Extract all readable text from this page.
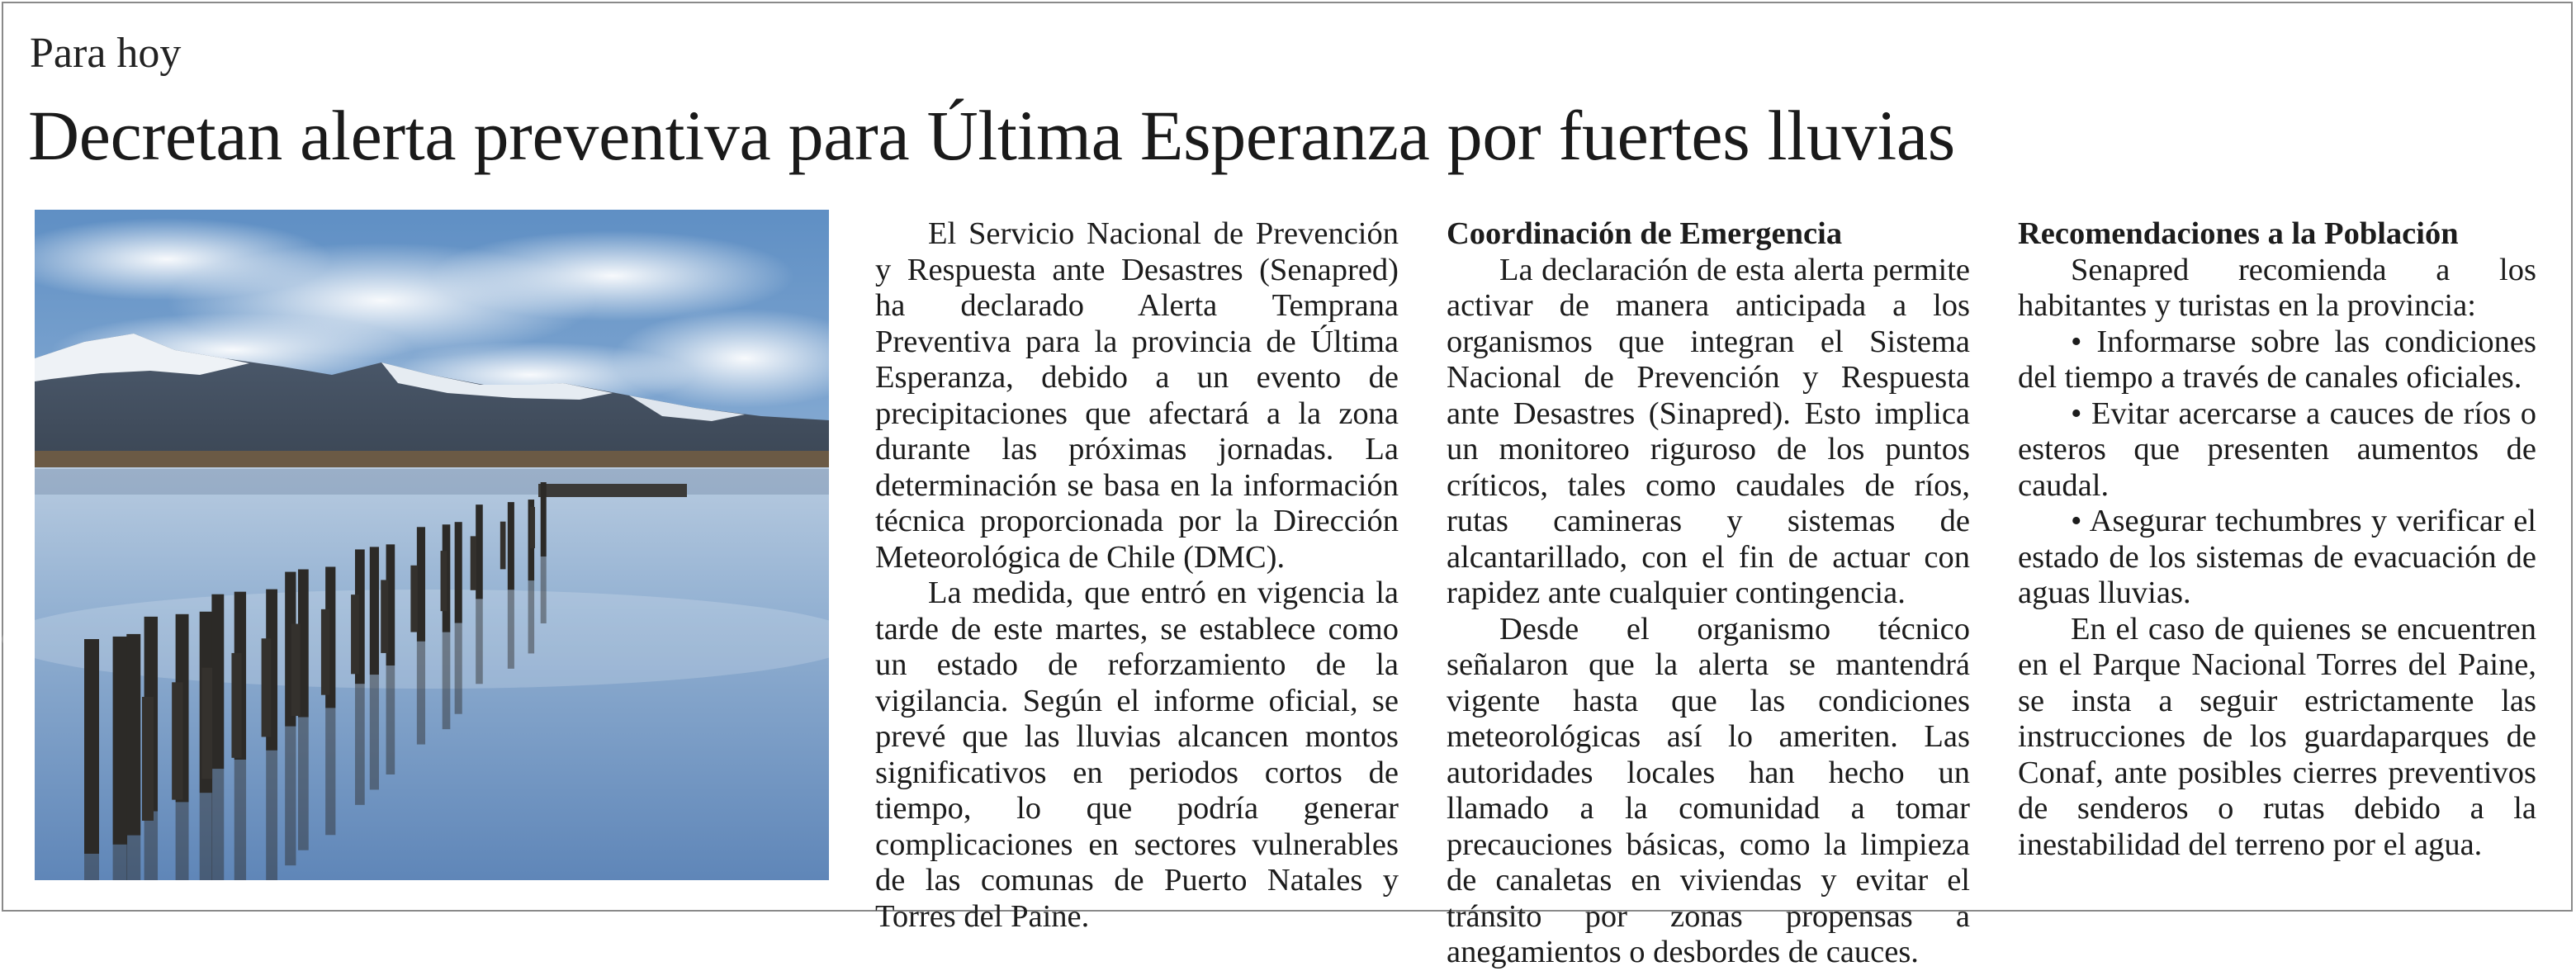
Para hoy
Decretan alerta preventiva para Última Esperanza por fuertes lluvias

El Servicio Nacional de Prevención y Respuesta ante Desastres (Senapred) ha declarado Alerta Temprana Preventiva para la provincia de Última Esperanza, debido a un evento de precipitaciones que afectará a la zona durante las próximas jornadas. La determinación se basa en la información técnica proporcionada por la Dirección Meteorológica de Chile (DMC).

La medida, que entró en vigencia la tarde de este martes, se establece como un estado de reforzamiento de la vigilancia. Según el informe oficial, se prevé que las lluvias alcancen montos significativos en periodos cortos de tiempo, lo que podría generar complicaciones en sectores vulnerables de las comunas de Puerto Natales y Torres del Paine.

Coordinación de Emergencia

La declaración de esta alerta permite activar de manera anticipada a los organismos que integran el Sistema Nacional de Prevención y Respuesta ante Desastres (Sinapred). Esto implica un monitoreo riguroso de los puntos críticos, tales como caudales de ríos, rutas camineras y sistemas de alcantarillado, con el fin de actuar con rapidez ante cualquier contingencia.

Desde el organismo técnico señalaron que la alerta se mantendrá vigente hasta que las condiciones meteorológicas así lo ameriten. Las autoridades locales han hecho un llamado a la comunidad a tomar precauciones básicas, como la limpieza de canaletas en viviendas y evitar el tránsito por zonas propensas a anegamientos o desbordes de cauces.

Recomendaciones a la Población

Senapred recomienda a los habitantes y turistas en la provincia:

• Informarse sobre las condiciones del tiempo a través de canales oficiales.

• Evitar acercarse a cauces de ríos o esteros que presenten aumentos de caudal.

• Asegurar techumbres y verificar el estado de los sistemas de evacuación de aguas lluvias.

En el caso de quienes se encuentren en el Parque Nacional Torres del Paine, se insta a seguir estrictamente las instrucciones de los guardaparques de Conaf, ante posibles cierres preventivos de senderos o rutas debido a la inestabilidad del terreno por el agua.
